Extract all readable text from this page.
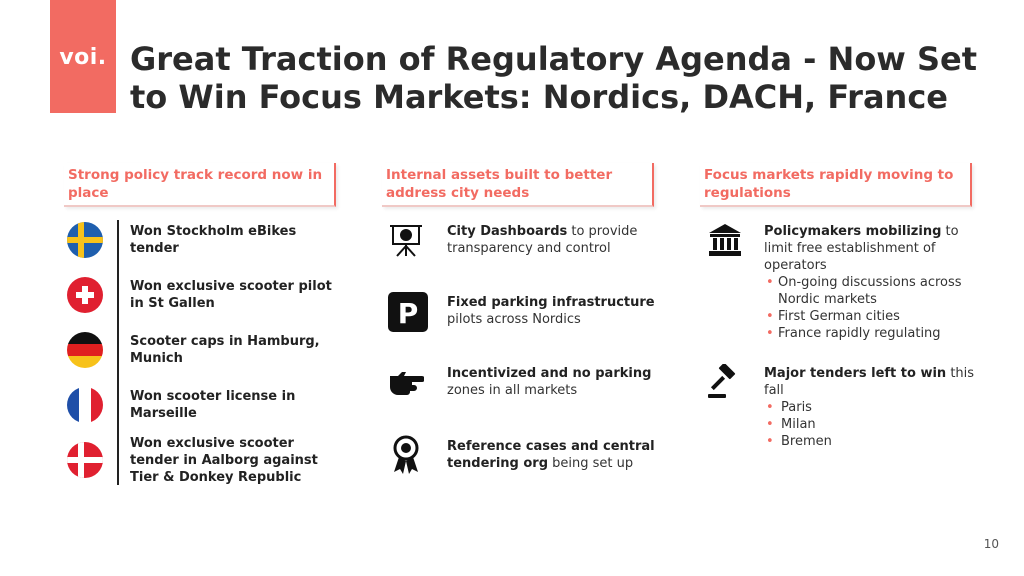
voi. Great Traction of Regulatory Agenda - Now Set to Win Focus Markets: Nordics, DACH, France
Strong policy track record now in place
Internal assets built to better address city needs
Focus markets rapidly moving to regulations
Won Stockholm eBikes tender
Won exclusive scooter pilot in St Gallen
Scooter caps in Hamburg, Munich
Won scooter license in Marseille
Won exclusive scooter tender in Aalborg against Tier & Donkey Republic
P
City Dashboards to provide transparency and control
Fixed parking infrastructure pilots across Nordics
Incentivized and no parking zones in all markets
Reference cases and central tendering org being set up
Policymakers mobilizing to limit free establishment of operators
• On-going discussions across Nordic markets
• First German cities
• France rapidly regulating
Major tenders left to win this fall
• Paris
• Milan
• Bremen
10
